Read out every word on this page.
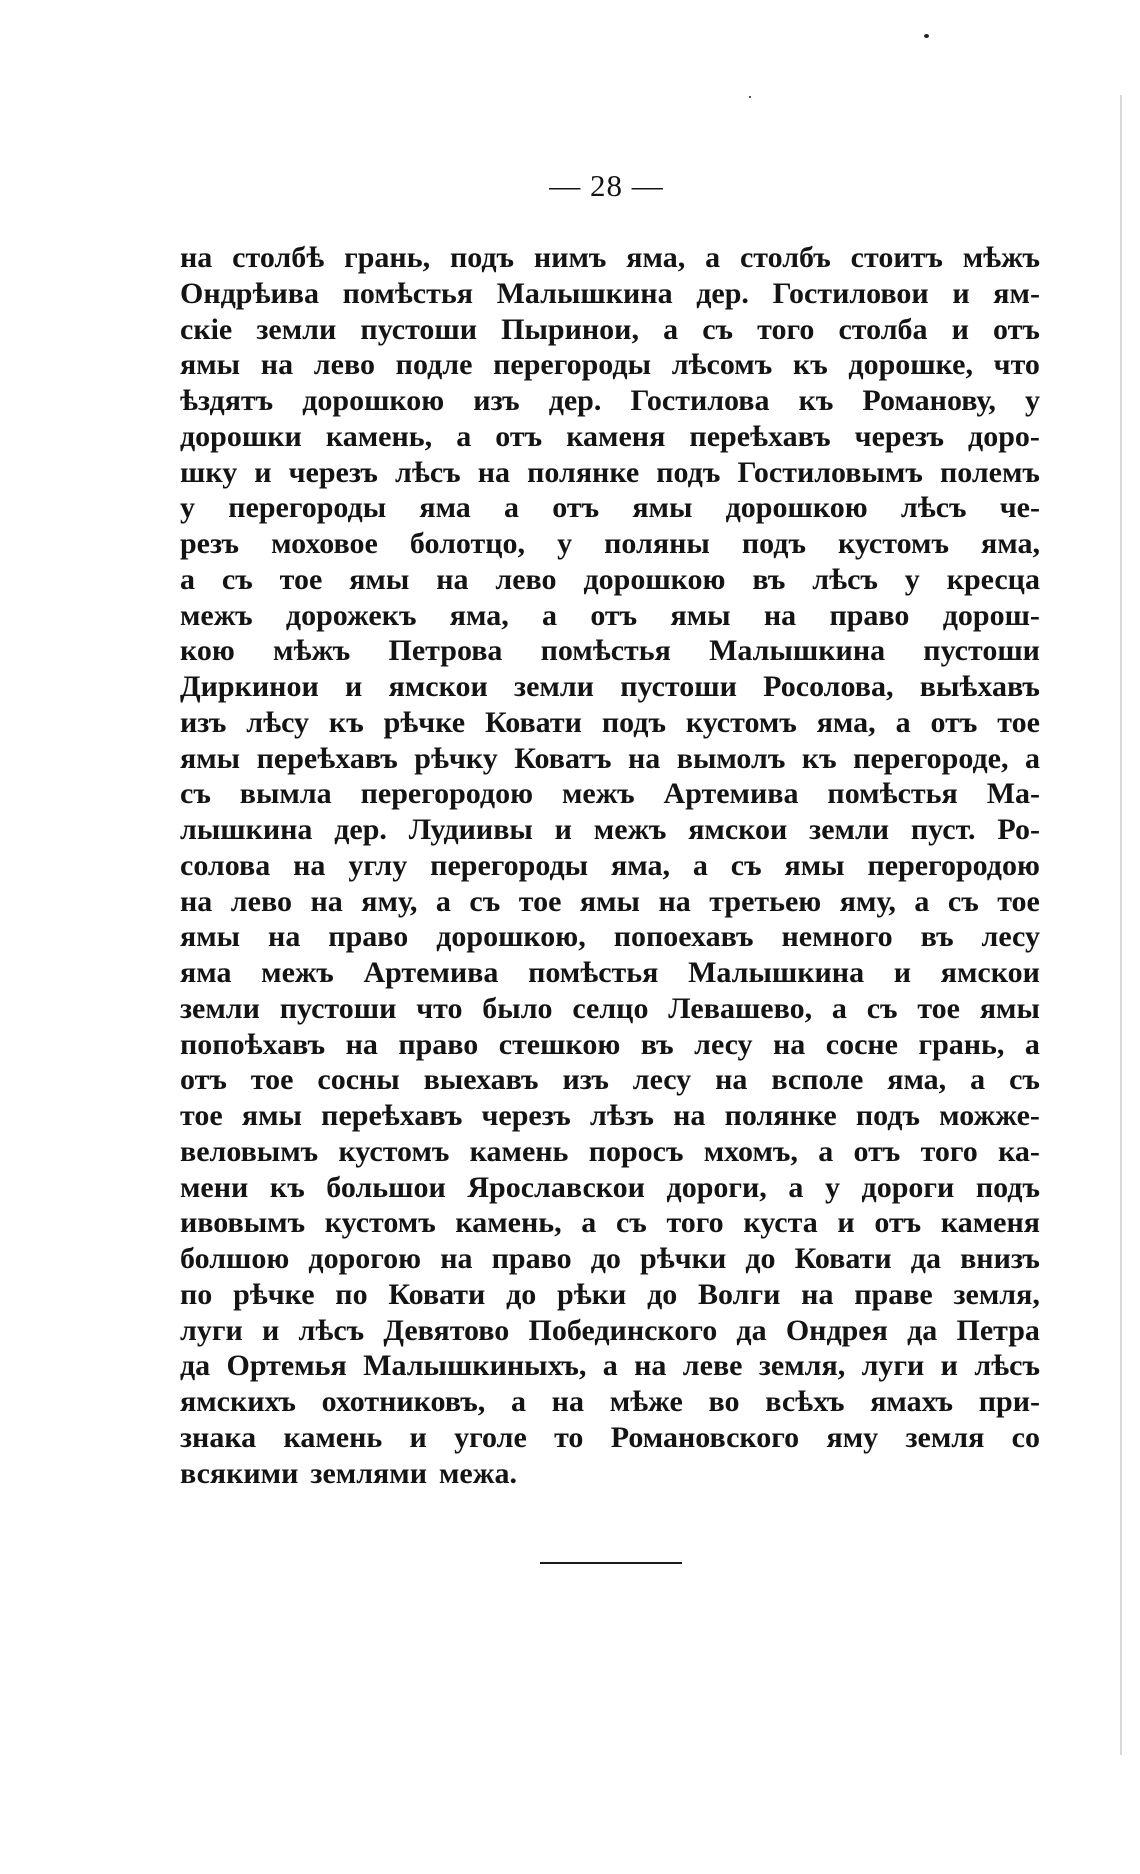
— 28 —
на столбѣ грань, подъ нимъ яма, а столбъ стоитъ мѣжъ
Ондрѣива помѣстья Малышкина дер. Гостиловои и ям-
скіе земли пустоши Пыринои, а съ того столба и отъ
ямы на лево подле перегороды лѣсомъ къ дорошке, что
ѣздятъ дорошкою изъ дер. Гостилова къ Романову, у
дорошки камень, а отъ каменя переѣхавъ черезъ доро-
шку и черезъ лѣсъ на полянке подъ Гостиловымъ полемъ
у перегороды яма а отъ ямы дорошкою лѣсъ че-
резъ моховое болотцо, у поляны подъ кустомъ яма,
а съ тое ямы на лево дорошкою въ лѣсъ у кресца
межъ дорожекъ яма, а отъ ямы на право дорош-
кою мѣжъ Петрова помѣстья Малышкина пустоши
Диркинои и ямскои земли пустоши Росолова, выѣхавъ
изъ лѣсу къ рѣчке Ковати подъ кустомъ яма, а отъ тое
ямы переѣхавъ рѣчку Коватъ на вымолъ къ перегороде, а
съ вымла перегородою межъ Артемива помѣстья Ма-
лышкина дер. Лудиивы и межъ ямскои земли пуст. Ро-
солова на углу перегороды яма, а съ ямы перегородою
на лево на яму, а съ тое ямы на третьею яму, а съ тое
ямы на право дорошкою, попоехавъ немного въ лесу
яма межъ Артемива помѣстья Малышкина и ямскои
земли пустоши что было селцо Левашево, а съ тое ямы
попоѣхавъ на право стешкою въ лесу на сосне грань, а
отъ тое сосны выехавъ изъ лесу на всполе яма, а съ
тое ямы переѣхавъ черезъ лѣзъ на полянке подъ можже-
веловымъ кустомъ камень поросъ мхомъ, а отъ того ка-
мени къ большои Ярославскои дороги, а у дороги подъ
ивовымъ кустомъ камень, а съ того куста и отъ каменя
болшою дорогою на право до рѣчки до Ковати да внизъ
по рѣчке по Ковати до рѣки до Волги на праве земля,
луги и лѣсъ Девятово Побединского да Ондрея да Петра
да Ортемья Малышкиныхъ, а на леве земля, луги и лѣсъ
ямскихъ охотниковъ, а на мѣже во всѣхъ ямахъ при-
знака камень и уголе то Романовского яму земля со
всякими землями межа.
